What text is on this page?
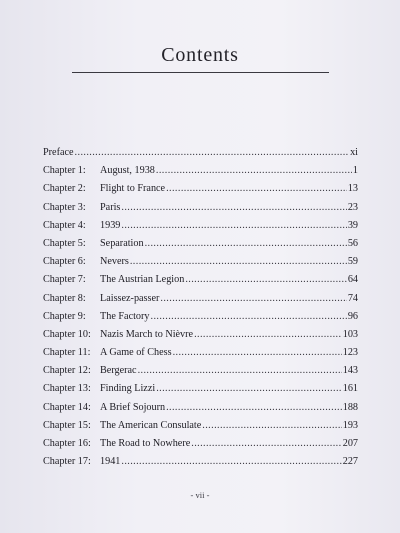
Contents
Preface .....	xi
Chapter 1:	August, 1938 .....	1
Chapter 2:	Flight to France .....	13
Chapter 3:	Paris .....	23
Chapter 4:	1939 .....	39
Chapter 5:	Separation .....	56
Chapter 6:	Nevers .....	59
Chapter 7:	The Austrian Legion .....	64
Chapter 8:	Laissez-passer .....	74
Chapter 9:	The Factory .....	96
Chapter 10: Nazis March to Nièvre .....	103
Chapter 11: A Game of Chess .....	123
Chapter 12: Bergerac .....	143
Chapter 13: Finding Lizzi .....	161
Chapter 14: A Brief Sojourn .....	188
Chapter 15: The American Consulate .....	193
Chapter 16: The Road to Nowhere .....	207
Chapter 17: 1941 .....	227
- vii -
